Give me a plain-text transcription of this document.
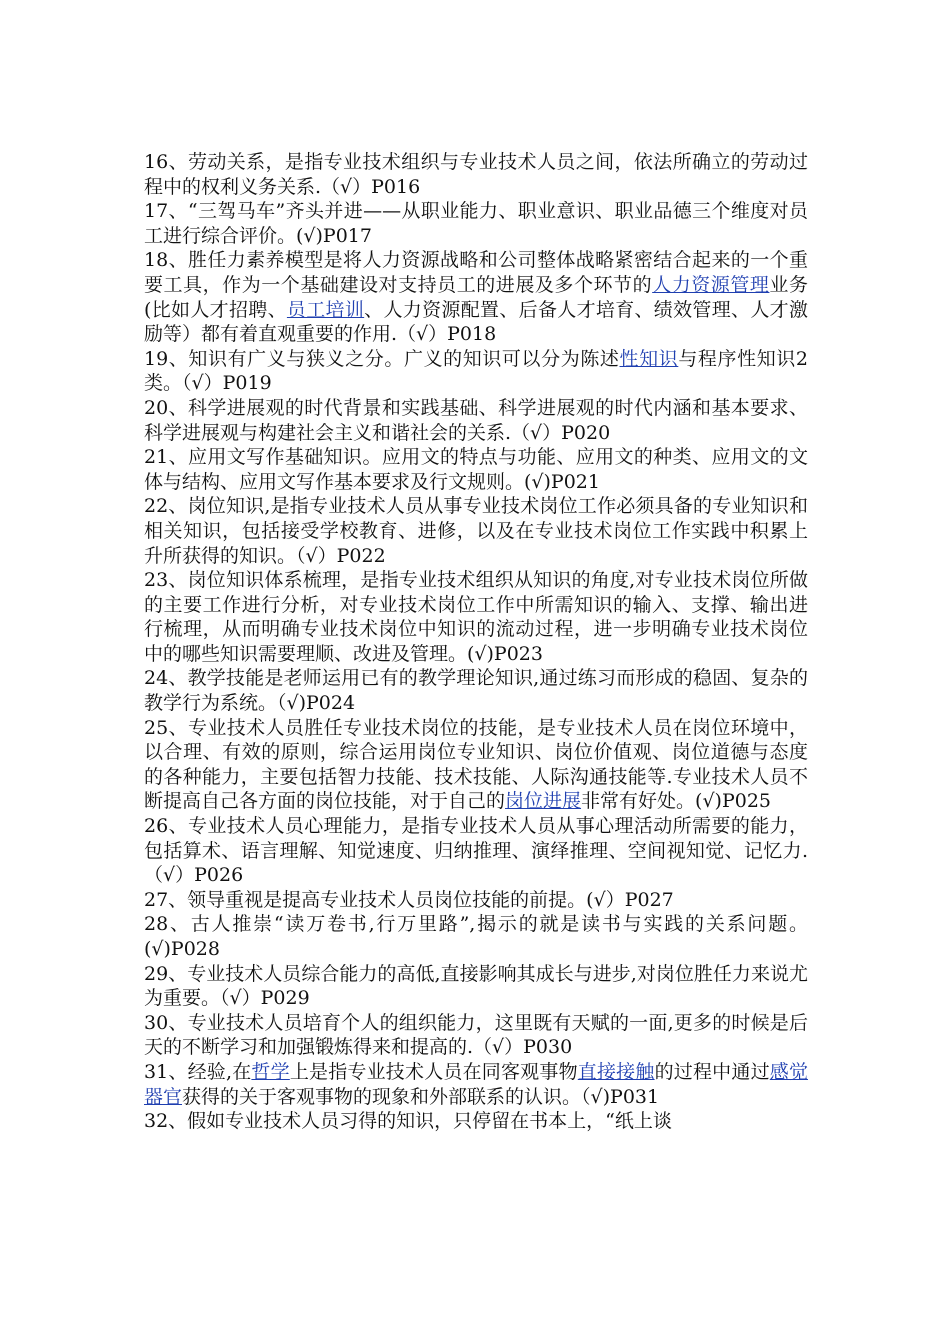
16、劳动关系，是指专业技术组织与专业技术人员之间，依法所确立的劳动过程中的权利义务关系.（√）P016

17、“三驾马车”齐头并进——从职业能力、职业意识、职业品德三个维度对员工进行综合评价。(√)P017

18、胜任力素养模型是将人力资源战略和公司整体战略紧密结合起来的一个重要工具，作为一个基础建设对支持员工的进展及多个环节的人力资源管理业务(比如人才招聘、员工培训、人力资源配置、后备人才培育、绩效管理、人才激励等）都有着直观重要的作用.（√）P018

19、知识有广义与狭义之分。广义的知识可以分为陈述性知识与程序性知识2类。（√）P019

20、科学进展观的时代背景和实践基础、科学进展观的时代内涵和基本要求、科学进展观与构建社会主义和谐社会的关系.（√）P020

21、应用文写作基础知识。应用文的特点与功能、应用文的种类、应用文的文体与结构、应用文写作基本要求及行文规则。(√)P021

22、岗位知识,是指专业技术人员从事专业技术岗位工作必须具备的专业知识和相关知识，包括接受学校教育、进修，以及在专业技术岗位工作实践中积累上升所获得的知识。（√）P022

23、岗位知识体系梳理，是指专业技术组织从知识的角度,对专业技术岗位所做的主要工作进行分析，对专业技术岗位工作中所需知识的输入、支撑、输出进行梳理，从而明确专业技术岗位中知识的流动过程，进一步明确专业技术岗位中的哪些知识需要理顺、改进及管理。(√)P023

24、教学技能是老师运用已有的教学理论知识,通过练习而形成的稳固、复杂的教学行为系统。（√)P024

25、专业技术人员胜任专业技术岗位的技能，是专业技术人员在岗位环境中，以合理、有效的原则，综合运用岗位专业知识、岗位价值观、岗位道德与态度的各种能力，主要包括智力技能、技术技能、人际沟通技能等.专业技术人员不断提高自己各方面的岗位技能，对于自己的岗位进展非常有好处。(√)P025

26、专业技术人员心理能力，是指专业技术人员从事心理活动所需要的能力，包括算术、语言理解、知觉速度、归纳推理、演绎推理、空间视知觉、记忆力.（√）P026

27、领导重视是提高专业技术人员岗位技能的前提。(√）P027

28、古人推崇“读万卷书,行万里路”,揭示的就是读书与实践的关系问题。(√)P028

29、专业技术人员综合能力的高低,直接影响其成长与进步,对岗位胜任力来说尤为重要。（√）P029

30、专业技术人员培育个人的组织能力，这里既有天赋的一面,更多的时候是后天的不断学习和加强锻炼得来和提高的.（√）P030

31、经验,在哲学上是指专业技术人员在同客观事物直接接触的过程中通过感觉器官获得的关于客观事物的现象和外部联系的认识。（√)P031

32、假如专业技术人员习得的知识，只停留在书本上，“纸上谈
